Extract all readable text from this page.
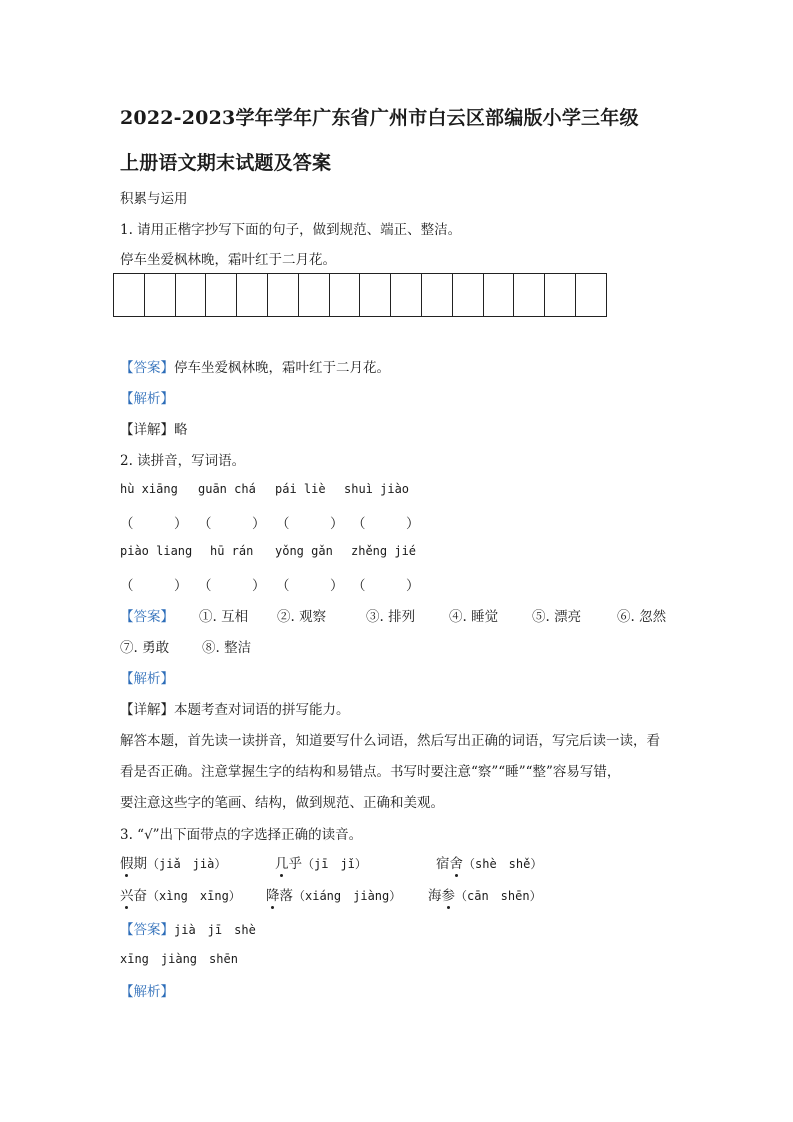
2022-2023学年学年广东省广州市白云区部编版小学三年级
上册语文期末试题及答案
积累与运用
1. 请用正楷字抄写下面的句子，做到规范、端正、整洁。
停车坐爱枫林晚，霜叶红于二月花。
【答案】停车坐爱枫林晚，霜叶红于二月花。
【解析】
【详解】略
2. 读拼音，写词语。
hù xiāng guān chá pái liè shuì jiào
（　　　） （　　　） （　　　） （　　　）
piào liang hū rán yǒng gǎn zhěng jié
（　　　） （　　　） （　　　） （　　　）
【答案】 ①. 互相 ②. 观察	③. 排列	④. 睡觉	⑤. 漂亮	⑥. 忽然
⑦. 勇敢 ⑧. 整洁
【解析】
【详解】本题考查对词语的拼写能力。
解答本题，首先读一读拼音，知道要写什么词语，然后写出正确的词语，写完后读一读，看
看是否正确。注意掌握生字的结构和易错点。书写时要注意“察”“睡”“整”容易写错，
要注意这些字的笔画、结构，做到规范、正确和美观。
3. “√”出下面带点的字选择正确的读音。
假期（jiǎ　jià）	几乎（jī　jǐ）	宿舍（shè　shě）
兴奋（xìng　xīng） 降落（xiáng　jiàng） 海参（cān　shēn）
【答案】jià　jī　shè
xīng　jiàng　shēn
【解析】
